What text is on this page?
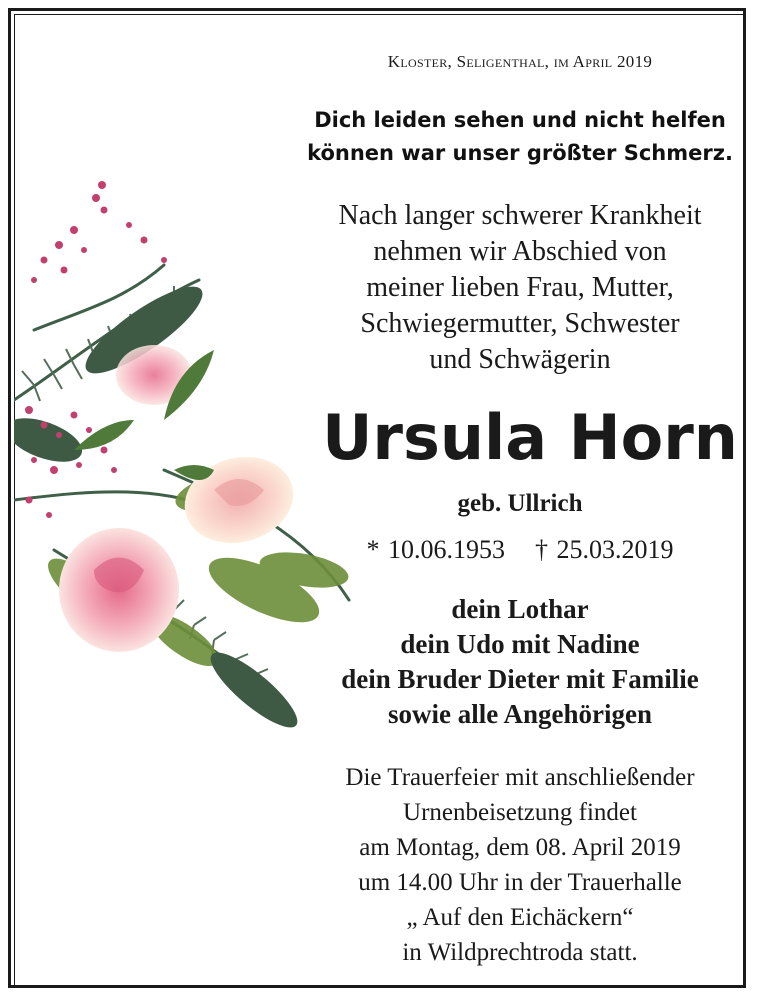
Kloster, Seligenthal, im April 2019
Dich leiden sehen und nicht helfen
können war unser größter Schmerz.
Nach langer schwerer Krankheit
nehmen wir Abschied von
meiner lieben Frau, Mutter,
Schwiegermutter, Schwester
und Schwägerin
Ursula Horn
geb. Ullrich
* 10.06.1953 † 25.03.2019
dein Lothar
dein Udo mit Nadine
dein Bruder Dieter mit Familie
sowie alle Angehörigen
Die Trauerfeier mit anschließender
Urnenbeisetzung findet
am Montag, dem 08. April 2019
um 14.00 Uhr in der Trauerhalle
„ Auf den Eichäckern“
in Wildprechtroda statt.
